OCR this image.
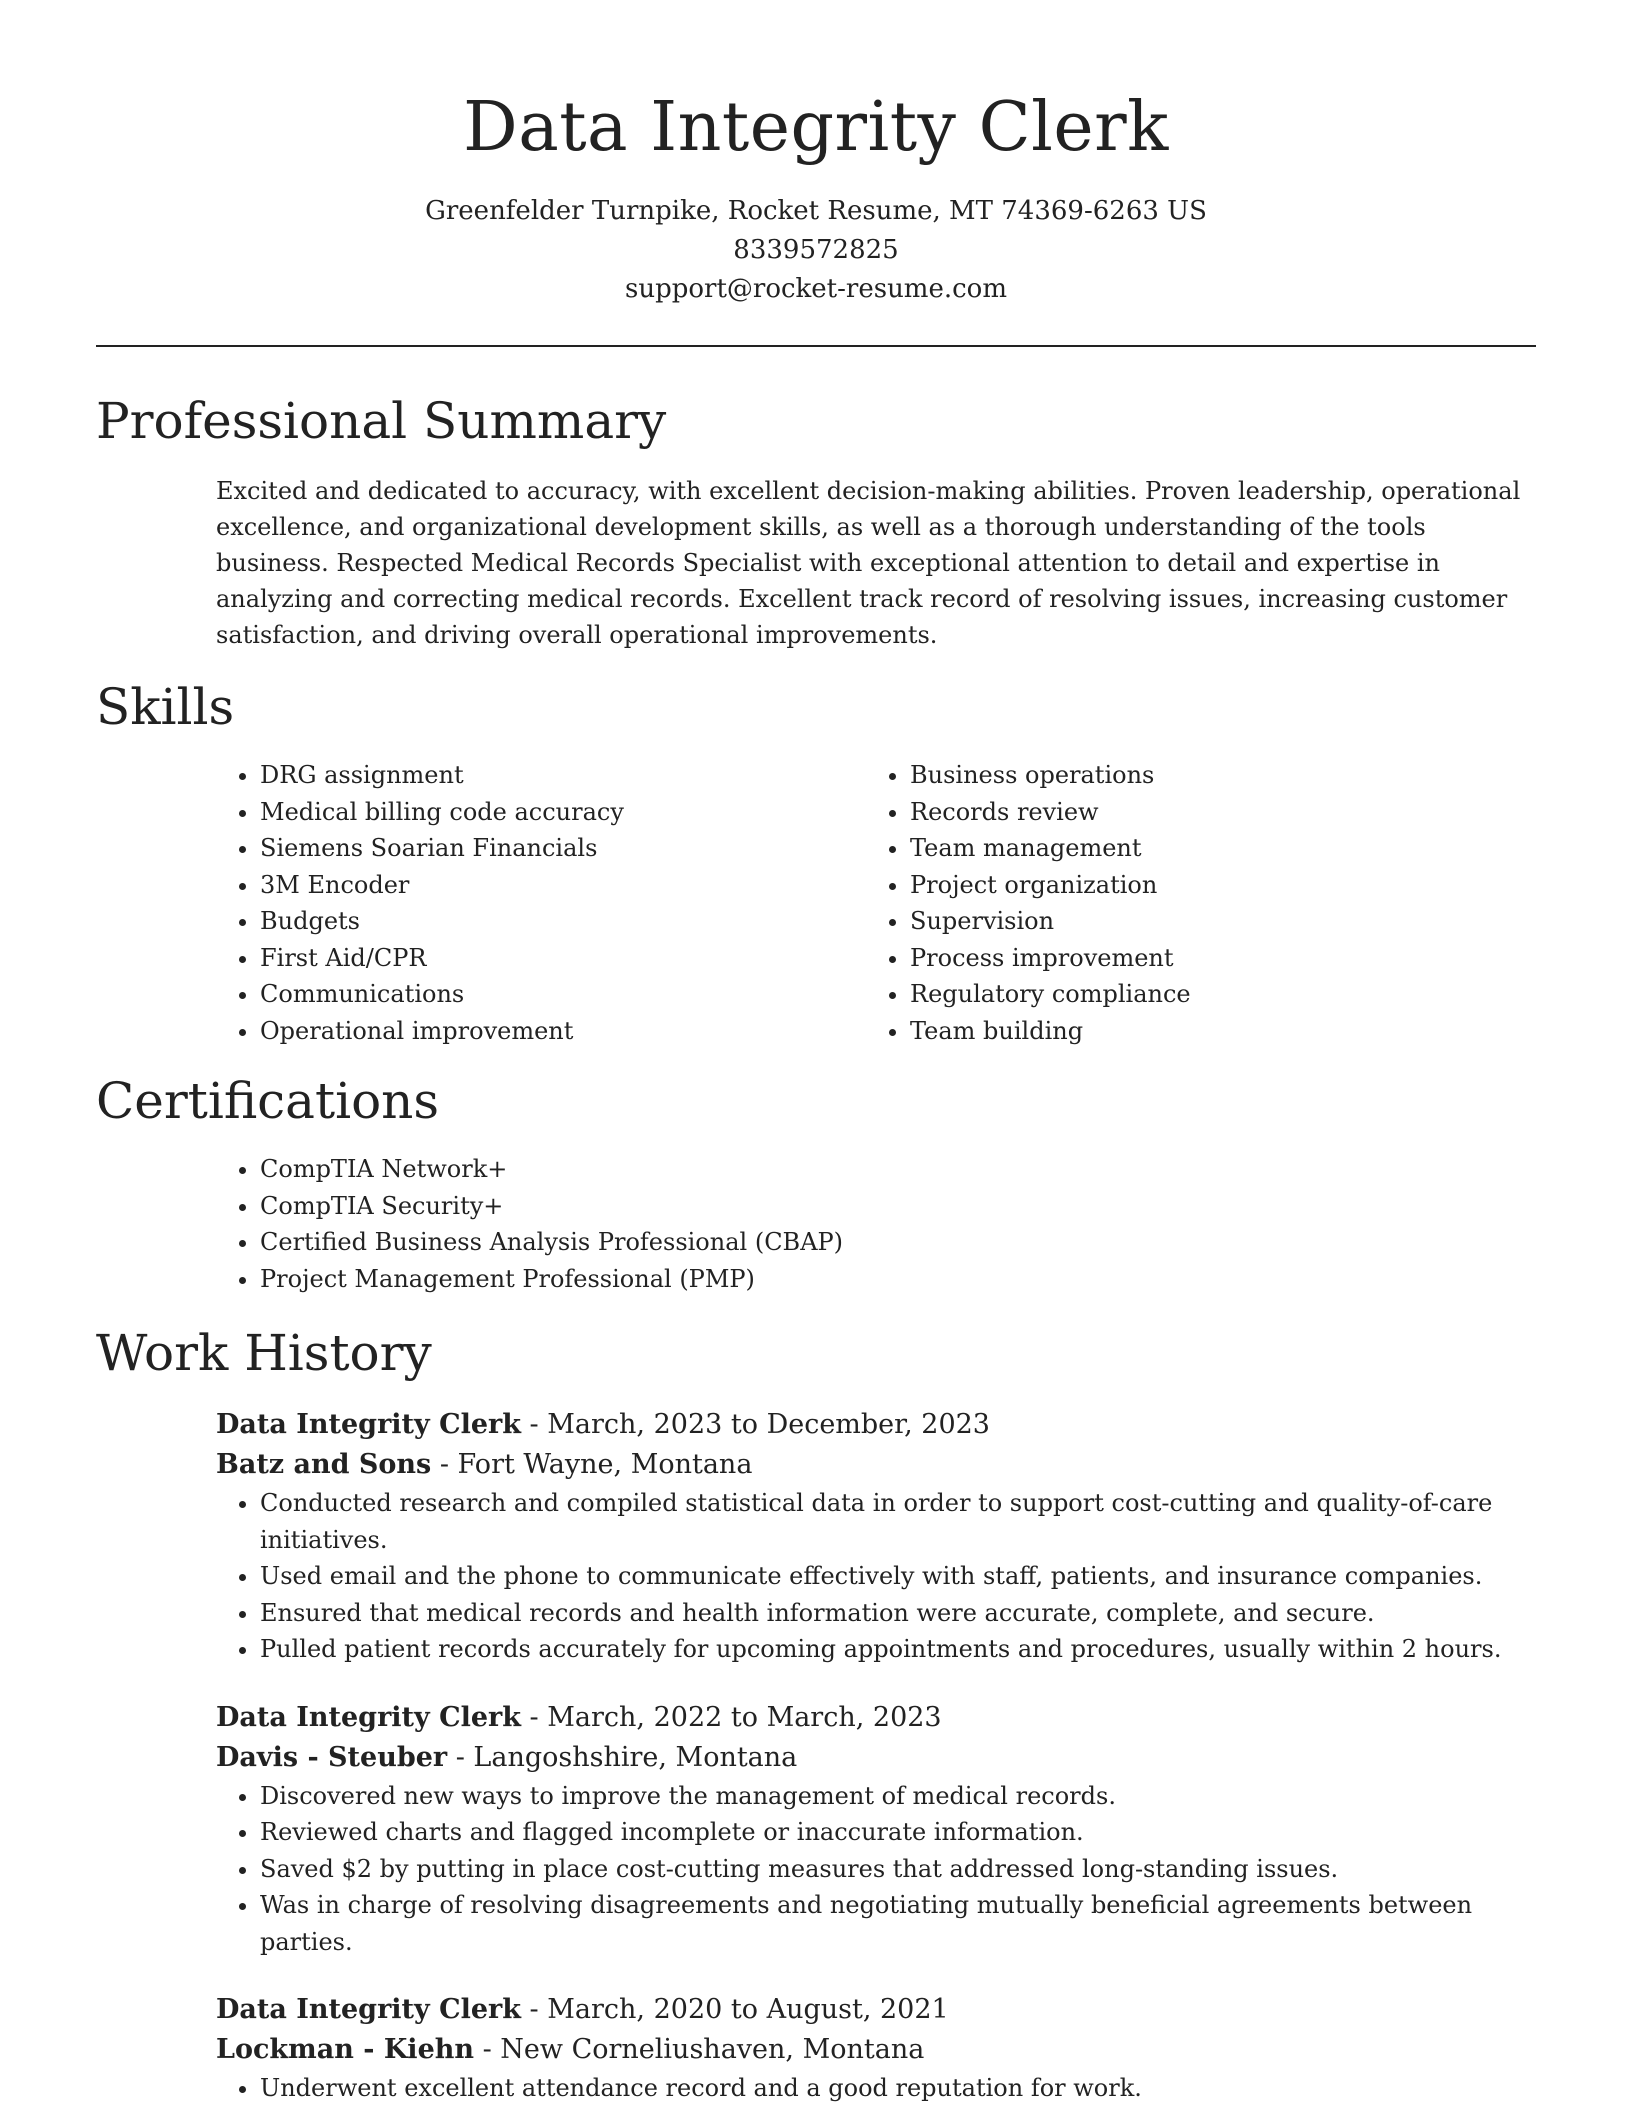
Data Integrity Clerk
Greenfelder Turnpike, Rocket Resume, MT 74369-6263 US
8339572825
support@rocket-resume.com
Professional Summary
Excited and dedicated to accuracy, with excellent decision-making abilities. Proven leadership, operational excellence, and organizational development skills, as well as a thorough understanding of the tools business. Respected Medical Records Specialist with exceptional attention to detail and expertise in analyzing and correcting medical records. Excellent track record of resolving issues, increasing customer satisfaction, and driving overall operational improvements.
Skills
• DRG assignment
• Medical billing code accuracy
• Siemens Soarian Financials
• 3M Encoder
• Budgets
• First Aid/CPR
• Communications
• Operational improvement
• Business operations
• Records review
• Team management
• Project organization
• Supervision
• Process improvement
• Regulatory compliance
• Team building
Certifications
• CompTIA Network+
• CompTIA Security+
• Certified Business Analysis Professional (CBAP)
• Project Management Professional (PMP)
Work History
Data Integrity Clerk - March, 2023 to December, 2023
Batz and Sons - Fort Wayne, Montana
• Conducted research and compiled statistical data in order to support cost-cutting and quality-of-care initiatives.
• Used email and the phone to communicate effectively with staff, patients, and insurance companies.
• Ensured that medical records and health information were accurate, complete, and secure.
• Pulled patient records accurately for upcoming appointments and procedures, usually within 2 hours.
Data Integrity Clerk - March, 2022 to March, 2023
Davis - Steuber - Langoshshire, Montana
• Discovered new ways to improve the management of medical records.
• Reviewed charts and flagged incomplete or inaccurate information.
• Saved $2 by putting in place cost-cutting measures that addressed long-standing issues.
• Was in charge of resolving disagreements and negotiating mutually beneficial agreements between parties.
Data Integrity Clerk - March, 2020 to August, 2021
Lockman - Kiehn - New Corneliushaven, Montana
• Underwent excellent attendance record and a good reputation for work.
